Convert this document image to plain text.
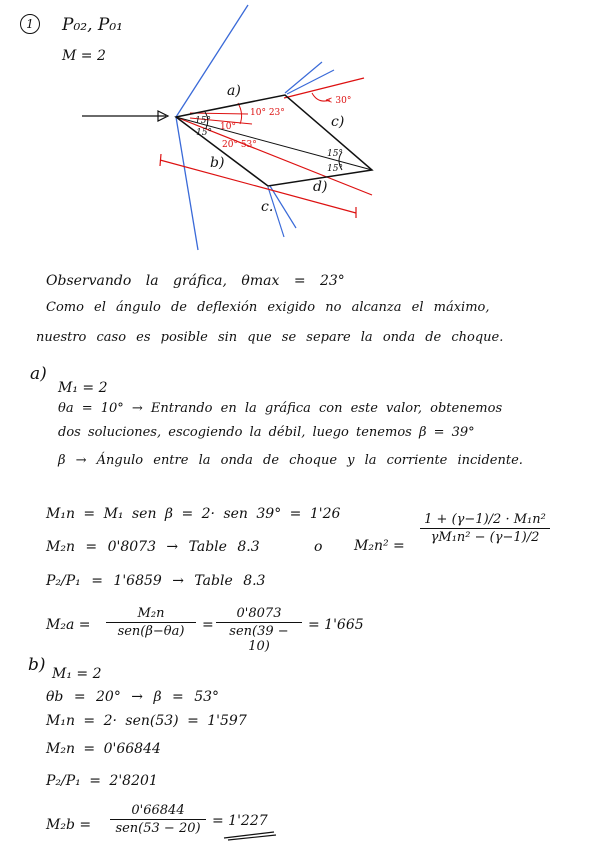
1	P₀₂, P₀₁
M = 2
a)
b)
c)
d)
c.
15°
15°
10°
10° 23°
20° 53°
< 30°
15°
15°
Observando la gráfica, θmax = 23°
Como el ángulo de deflexión exigido no alcanza el máximo,
nuestro caso es posible sin que se separe la onda de choque.
a)
M₁ = 2
θa = 10° → Entrando en la gráfica con este valor, obtenemos
dos soluciones, escogiendo la débil, luego tenemos β = 39°
β → Ángulo entre la onda de choque y la corriente incidente.
M₁n = M₁ sen β = 2· sen 39° = 1'26
M₂n = 0'8073 → Table 8.3	o M₂n² =
1 + (γ−1)/2 · M₁n²
γM₁n² − (γ−1)/2
P₂/P₁ = 1'6859 → Table 8.3
M₂a =
M₂n
sen(β−θa)	=
0'8073
sen(39 − 10)
= 1'665
b) M₁ = 2
θb = 20° → β = 53°
M₁n = 2· sen(53) = 1'597
M₂n = 0'66844
P₂/P₁ = 2'8201
M₂b =
0'66844
sen(53 − 20) = 1'227
